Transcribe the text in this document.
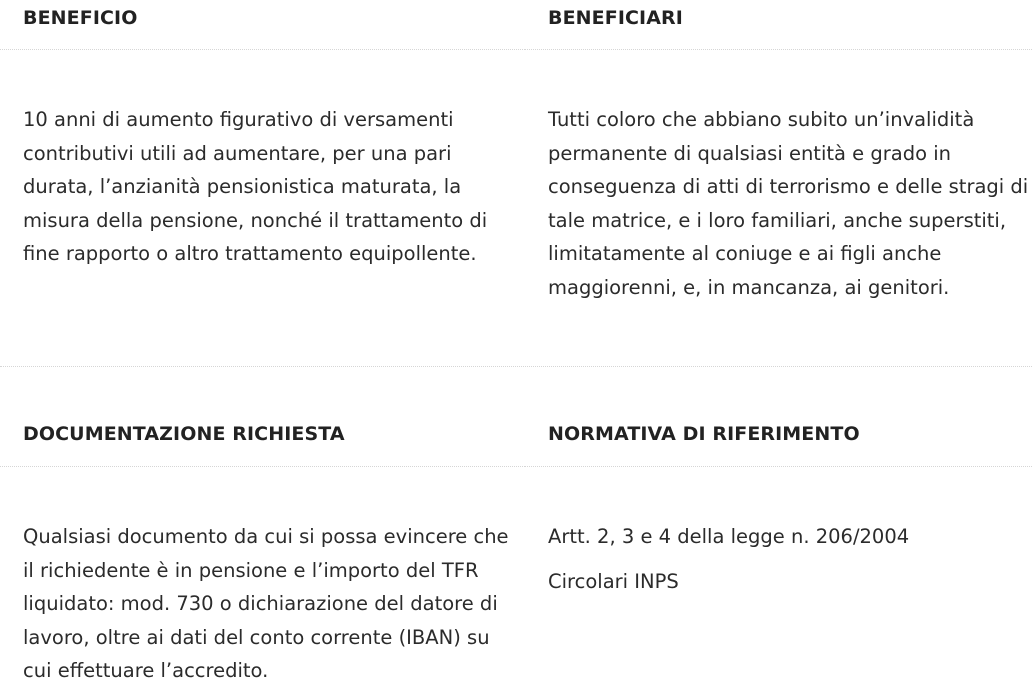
BENEFICIO

10 anni di aumento figurativo di versamenti contributivi utili ad aumentare, per una pari durata, l’anzianità pensionistica maturata, la misura della pensione, nonché il trattamento di fine rapporto o altro trattamento equipollente.

BENEFICIARI

Tutti coloro che abbiano subito un’invalidità permanente di qualsiasi entità e grado in conseguenza di atti di terrorismo e delle stragi di tale matrice, e i loro familiari, anche superstiti, limitatamente al coniuge e ai figli anche maggiorenni, e, in mancanza, ai genitori.

DOCUMENTAZIONE RICHIESTA

Qualsiasi documento da cui si possa evincere che il richiedente è in pensione e l’importo del TFR liquidato: mod. 730 o dichiarazione del datore di lavoro, oltre ai dati del conto corrente (IBAN) su cui effettuare l’accredito.

NORMATIVA DI RIFERIMENTO
Artt. 2, 3 e 4 della legge n. 206/2004
Circolari INPS
